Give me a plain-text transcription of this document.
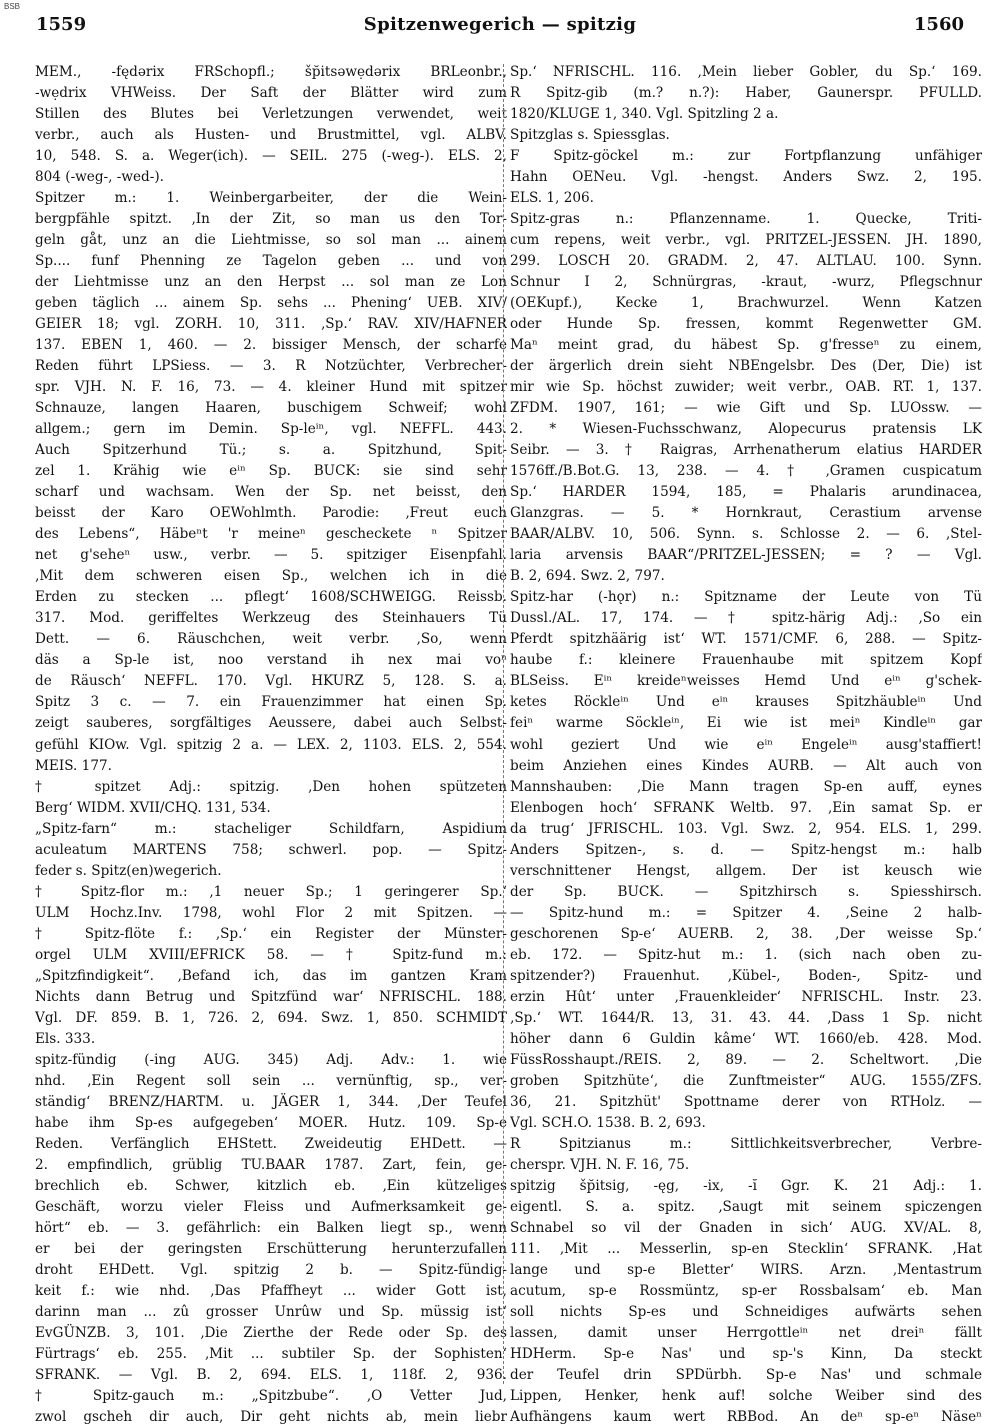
BSB
1559	Spitzenwegerich — spitzig	1560
MEM., -fędərix FRSchopfl.; šp̆itsəwẹdərix BRLeonbr.,
-wẹdrix VHWeiss. Der Saft der Blätter wird zum
Stillen des Blutes bei Verletzungen verwendet, weit
verbr., auch als Husten- und Brustmittel, vgl. ALBV.
10, 548. S. a. Weger(ich). — SEIL. 275 (-weg-). ELS. 2,
804 (-weg-, -wed-).
Spitzer m.: 1. Weinbergarbeiter, der die Wein-
bergpfähle spitzt. ‚In der Zit, so man us den Tor-
geln gåt, unz an die Liehtmisse, so sol man ... ainem
Sp.... funf Phenning ze Tagelon geben ... und von
der Liehtmisse unz an den Herpst ... sol man ze Lon
geben täglich ... ainem Sp. sehs ... Phening‘ UEB. XIV/
GEIER 18; vgl. ZORH. 10, 311. ‚Sp.‘ RAV. XIV/HAFNER
137. EBEN 1, 460. — 2. bissiger Mensch, der scharfe
Reden führt LPSiess. — 3. R Notzüchter, Verbrecher-
spr. VJH. N. F. 16, 73. — 4. kleiner Hund mit spitzer
Schnauze, langen Haaren, buschigem Schweif; wohl
allgem.; gern im Demin. Sp-leⁱⁿ, vgl. NEFFL. 443.
Auch Spitzerhund Tü.; s. a. Spitzhund, Spit-
zel 1. Krähig wie eⁱⁿ Sp. BUCK: sie sind sehr
scharf und wachsam. Wen der Sp. net beisst, den
beisst der Karo OEWohlmth. Parodie: ‚Freut euch
des Lebens“, Häbeⁿt 'r meineⁿ gescheckete ⁿ Spitzer
net g'seheⁿ usw., verbr. — 5. spitziger Eisenpfahl.
‚Mit dem schweren eisen Sp., welchen ich in die
Erden zu stecken ... pflegt‘ 1608/SCHWEIGG. Reissb.
317. Mod. geriffeltes Werkzeug des Steinhauers Tü
Dett. — 6. Räuschchen, weit verbr. ‚So, wenn
däs a Sp-le ist, noo verstand ih nex mai voⁿ
de Räusch‘ NEFFL. 170. Vgl. HKURZ 5, 128. S. a.
Spitz 3 c. — 7. ein Frauenzimmer hat einen Sp.
zeigt sauberes, sorgfältiges Aeussere, dabei auch Selbst-
gefühl KIOw. Vgl. spitzig 2 a. — LEX. 2, 1103. ELS. 2, 554.
MEIS. 177.
† spitzet Adj.: spitzig. ‚Den hohen spützeten
Berg‘ WIDM. XVII/CHQ. 131, 534.
„Spitz-farn“ m.: stacheliger Schildfarn, Aspidium
aculeatum MARTENS 758; schwerl. pop. — Spitz-
feder s. Spitz(en)wegerich.
† Spitz-flor m.: ‚1 neuer Sp.; 1 geringerer Sp.‘
ULM Hochz.Inv. 1798, wohl Flor 2 mit Spitzen. —
† Spitz-flöte f.: ‚Sp.‘ ein Register der Münster-
orgel ULM XVIII/EFRICK 58. — † Spitz-fund m.:
„Spitzfindigkeit“. ‚Befand ich, das im gantzen Kram
Nichts dann Betrug und Spitzfünd war‘ NFRISCHL. 188.
Vgl. DF. 859. B. 1, 726. 2, 694. Swz. 1, 850. SCHMIDT
Els. 333.
spitz-fündig (-ing AUG. 345) Adj. Adv.: 1. wie
nhd. ‚Ein Regent soll sein ... vernünftig, sp., ver-
ständig‘ BRENZ/HARTM. u. JÄGER 1, 344. ‚Der Teufel
habe ihm Sp-es aufgegeben‘ MOER. Hutz. 109. Sp-e
Reden. Verfänglich EHStett. Zweideutig EHDett. —
2. empfindlich, grüblig TU.BAAR 1787. Zart, fein, ge-
brechlich eb. Schwer, kitzlich eb. ‚Ein kützeliges
Geschäft, worzu vieler Fleiss und Aufmerksamkeit ge-
hört“ eb. — 3. gefährlich: ein Balken liegt sp., wenn
er bei der geringsten Erschütterung herunterzufallen
droht EHDett. Vgl. spitzig 2 b. — Spitz-fündig-
keit f.: wie nhd. ‚Das Pfaffheyt ... wider Gott ist,
darinn man ... zû grosser Unrûw und Sp. müssig ist‘
EvGÜNZB. 3, 101. ‚Die Zierthe der Rede oder Sp. des
Fürtrags‘ eb. 255. ‚Mit ... subtiler Sp. der Sophisten‘
SFRANK. — Vgl. B. 2, 694. ELS. 1, 118f. 2, 936.
† Spitz-gauch m.: „Spitzbube“. ‚O Vetter Jud,
zwol gscheh dir auch, Dir geht nichts ab, mein liebr
Sp.‘ NFRISCHL. 116. ‚Mein lieber Gobler, du Sp.‘ 169.
R Spitz-gib (m.? n.?): Haber, Gaunerspr. PFULLD.
1820/KLUGE 1, 340. Vgl. Spitzling 2 a.
Spitzglas s. Spiessglas.
F Spitz-göckel m.: zur Fortpflanzung unfähiger
Hahn OENeu. Vgl. -hengst. Anders Swz. 2, 195.
ELS. 1, 206.
Spitz-gras n.: Pflanzenname. 1. Quecke, Triti-
cum repens, weit verbr., vgl. PRITZEL-JESSEN. JH. 1890,
299. LOSCH 20. GRADM. 2, 47. ALTLAU. 100. Synn.
Schnur I 2, Schnürgras, -kraut, -wurz, Pflegschnur
(OEKupf.), Kecke 1, Brachwurzel. Wenn Katzen
oder Hunde Sp. fressen, kommt Regenwetter GM.
Maⁿ meint grad, du häbest Sp. g'fresseⁿ zu einem,
der ärgerlich drein sieht NBEngelsbr. Des (Der, Die) ist
mir wie Sp. höchst zuwider; weit verbr., OAB. RT. 1, 137.
ZFDM. 1907, 161; — wie Gift und Sp. LUOssw. —
2. * Wiesen-Fuchsschwanz, Alopecurus pratensis LK
Seibr. — 3. † Raigras, Arrhenatherum elatius HARDER
1576ff./B.Bot.G. 13, 238. — 4. † ‚Gramen cuspicatum
Sp.‘ HARDER 1594, 185, = Phalaris arundinacea,
Glanzgras. — 5. * Hornkraut, Cerastium arvense
BAAR/ALBV. 10, 506. Synn. s. Schlosse 2. — 6. ‚Stel-
laria arvensis BAAR“/PRITZEL-JESSEN; = ? — Vgl.
B. 2, 694. Swz. 2, 797.
Spitz-har (-hǫr) n.: Spitzname der Leute von Tü
Dussl./AL. 17, 174. — † spitz-härig Adj.: ‚So ein
Pferdt spitzhäärig ist‘ WT. 1571/CMF. 6, 288. — Spitz-
haube f.: kleinere Frauenhaube mit spitzem Kopf
BLSeiss. Eⁱⁿ kreideⁿweisses Hemd Und eⁱⁿ g'schek-
ketes Röckleⁱⁿ Und eⁱⁿ krauses Spitzhäubleⁱⁿ Und
feiⁿ warme Söckleⁱⁿ, Ei wie ist meiⁿ Kindleⁱⁿ gar
wohl geziert Und wie eⁱⁿ Engeleⁱⁿ ausg'staffiert!
beim Anziehen eines Kindes AURB. — Alt auch von
Mannshauben: ‚Die Mann tragen Sp-en auff, eynes
Elenbogen hoch‘ SFRANK Weltb. 97. ‚Ein samat Sp. er
da trug‘ JFRISCHL. 103. Vgl. Swz. 2, 954. ELS. 1, 299.
Anders Spitzen-, s. d. — Spitz-hengst m.: halb
verschnittener Hengst, allgem. Der ist keusch wie
der Sp. BUCK. — Spitzhirsch s. Spiesshirsch.
— Spitz-hund m.: = Spitzer 4. ‚Seine 2 halb-
geschorenen Sp-e‘ AUERB. 2, 38. ‚Der weisse Sp.‘
eb. 172. — Spitz-hut m.: 1. (sich nach oben zu-
spitzender?) Frauenhut. ‚Kübel-, Boden-, Spitz- und
erzin Hût‘ unter ‚Frauenkleider‘ NFRISCHL. Instr. 23.
‚Sp.‘ WT. 1644/R. 13, 31. 43. 44. ‚Dass 1 Sp. nicht
höher dann 6 Guldin kâme‘ WT. 1660/eb. 428. Mod.
FüssRosshaupt./REIS. 2, 89. — 2. Scheltwort. ‚Die
groben Spitzhüte‘, die Zunftmeister“ AUG. 1555/ZFS.
36, 21. Spitzhüt' Spottname derer von RTHolz. —
Vgl. SCH.O. 1538. B. 2, 693.
R Spitzianus m.: Sittlichkeitsverbrecher, Verbre-
cherspr. VJH. N. F. 16, 75.
spitzig šp̆itsig, -ęg, -ix, -ĭ Ggr. K. 21 Adj.: 1.
eigentl. S. a. spitz. ‚Saugt mit seinem spiczengen
Schnabel so vil der Gnaden in sich‘ AUG. XV/AL. 8,
111. ‚Mit ... Messerlin, sp-en Stecklin‘ SFRANK. ‚Hat
lange und sp-e Bletter‘ WIRS. Arzn. ‚Mentastrum
acutum, sp-e Rossmüntz, sp-er Rossbalsam‘ eb. Man
soll nichts Sp-es und Schneidiges aufwärts sehen
lassen, damit unser Herrgottleⁱⁿ net dreiⁿ fällt
HDHerm. Sp-e Nas' und sp-'s Kinn, Da steckt
der Teufel drin SPDürbh. Sp-e Nas' und schmale
Lippen, Henker, henk auf! solche Weiber sind des
Aufhängens kaum wert RBBod. An deⁿ sp-eⁿ Näseⁿ
